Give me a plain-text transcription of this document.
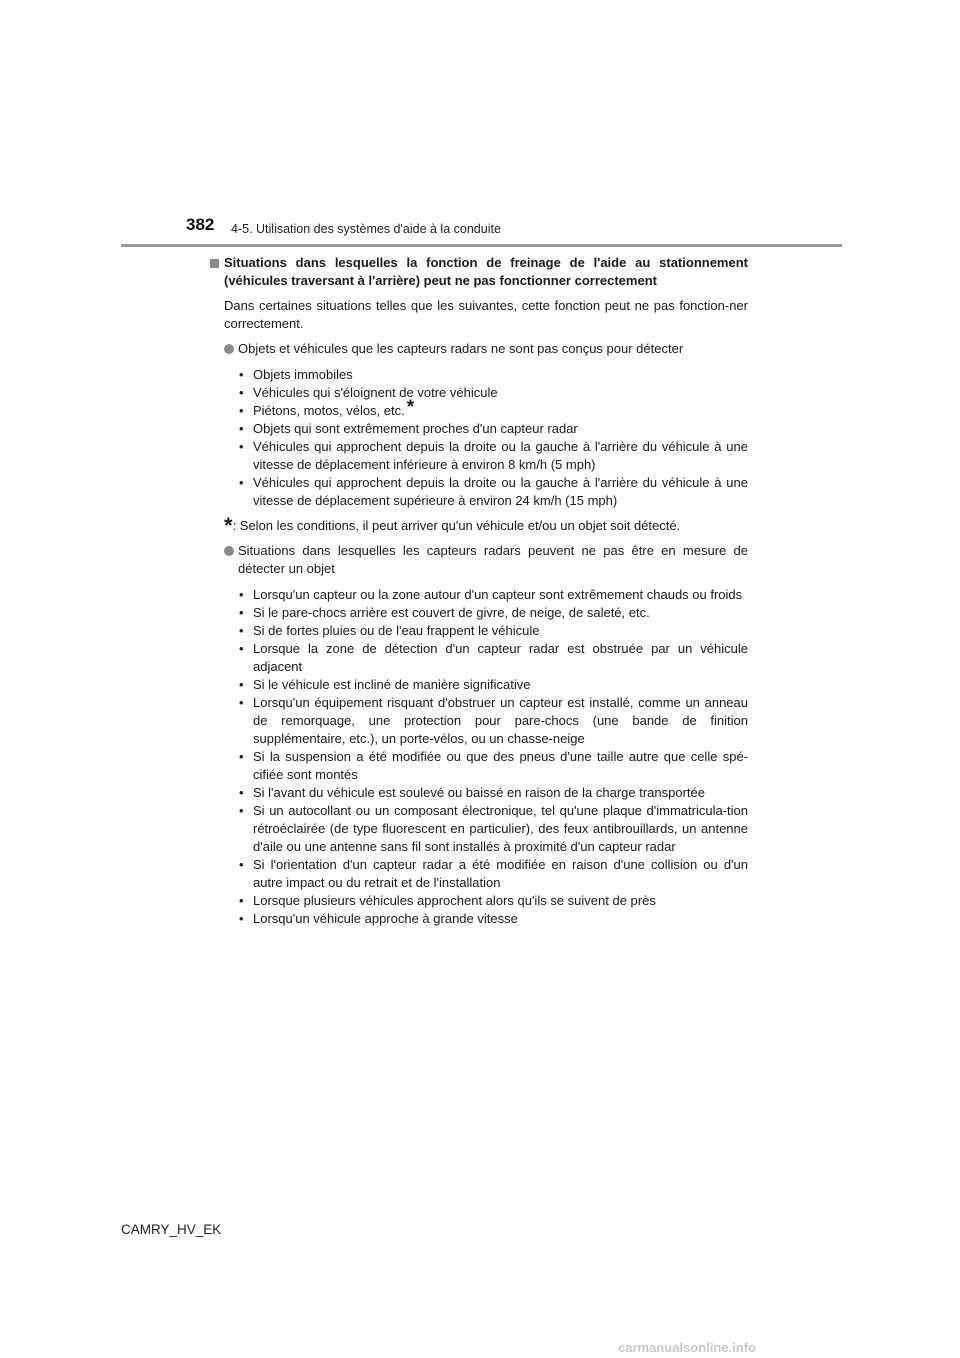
382 4-5. Utilisation des systèmes d'aide à la conduite
Situations dans lesquelles la fonction de freinage de l'aide au stationnement (véhicules traversant à l'arrière) peut ne pas fonctionner correctement
Dans certaines situations telles que les suivantes, cette fonction peut ne pas fonction-ner correctement.
Objets et véhicules que les capteurs radars ne sont pas conçus pour détecter
• Objets immobiles
• Véhicules qui s'éloignent de votre véhicule
• Piétons, motos, vélos, etc. *
• Objets qui sont extrêmement proches d'un capteur radar
• Véhicules qui approchent depuis la droite ou la gauche à l'arrière du véhicule à une vitesse de déplacement inférieure à environ 8 km/h (5 mph)
• Véhicules qui approchent depuis la droite ou la gauche à l'arrière du véhicule à une vitesse de déplacement supérieure à environ 24 km/h (15 mph)
*: Selon les conditions, il peut arriver qu'un véhicule et/ou un objet soit détecté.
Situations dans lesquelles les capteurs radars peuvent ne pas être en mesure de détecter un objet
• Lorsqu'un capteur ou la zone autour d'un capteur sont extrêmement chauds ou froids
• Si le pare-chocs arrière est couvert de givre, de neige, de saleté, etc.
• Si de fortes pluies ou de l'eau frappent le véhicule
• Lorsque la zone de détection d'un capteur radar est obstruée par un véhicule adjacent
• Si le véhicule est incliné de manière significative
• Lorsqu'un équipement risquant d'obstruer un capteur est installé, comme un anneau de remorquage, une protection pour pare-chocs (une bande de finition supplémentaire, etc.), un porte-vélos, ou un chasse-neige
• Si la suspension a été modifiée ou que des pneus d'une taille autre que celle spé-cifiée sont montés
• Si l'avant du véhicule est soulevé ou baissé en raison de la charge transportée
• Si un autocollant ou un composant électronique, tel qu'une plaque d'immatricula-tion rétroéclairée (de type fluorescent en particulier), des feux antibrouillards, un antenne d'aile ou une antenne sans fil sont installés à proximité d'un capteur radar
• Si l'orientation d'un capteur radar a été modifiée en raison d'une collision ou d'un autre impact ou du retrait et de l'installation
• Lorsque plusieurs véhicules approchent alors qu'ils se suivent de près
• Lorsqu'un véhicule approche à grande vitesse
CAMRY_HV_EK
carmanualsonline.info
